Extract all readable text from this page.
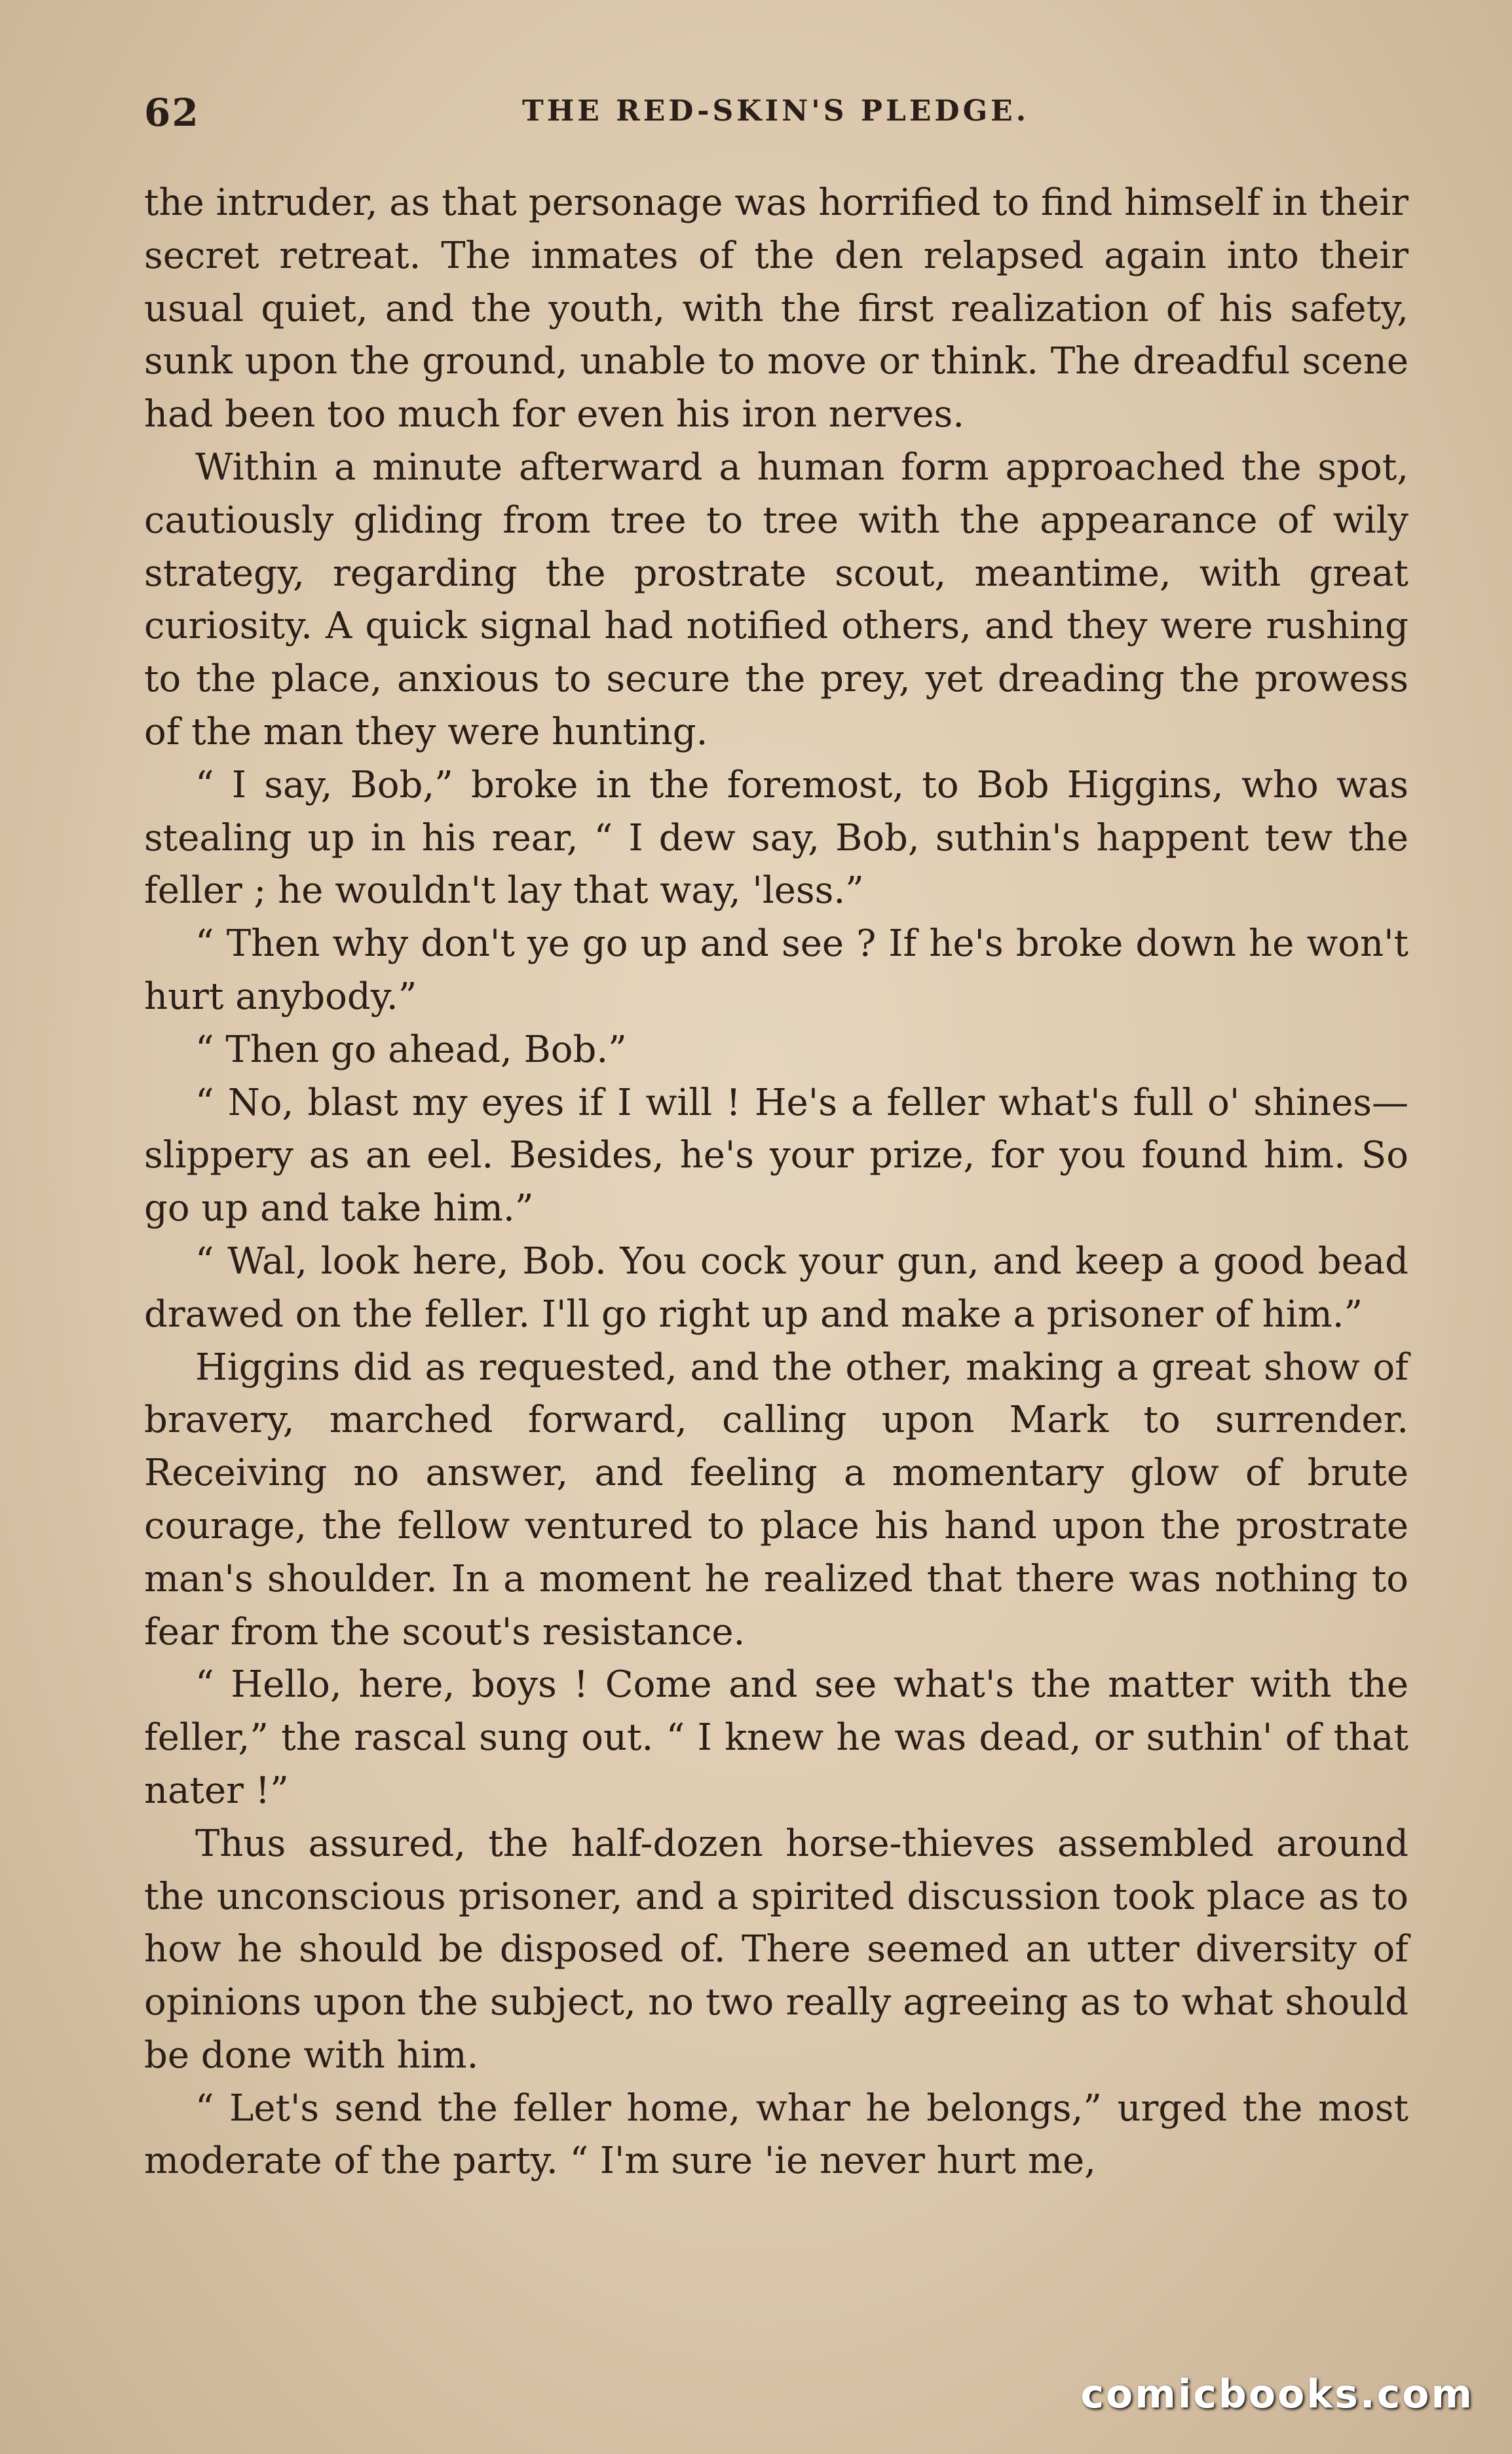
62	THE RED-SKIN'S PLEDGE.

the intruder, as that personage was horrified to find himself in their secret retreat. The inmates of the den relapsed again into their usual quiet, and the youth, with the first realization of his safety, sunk upon the ground, unable to move or think. The dreadful scene had been too much for even his iron nerves.

Within a minute afterward a human form approached the spot, cautiously gliding from tree to tree with the appearance of wily strategy, regarding the prostrate scout, meantime, with great curiosity. A quick signal had notified others, and they were rushing to the place, anxious to secure the prey, yet dreading the prowess of the man they were hunting.

“ I say, Bob,” broke in the foremost, to Bob Higgins, who was stealing up in his rear, “ I dew say, Bob, suthin's happent tew the feller ; he wouldn't lay that way, 'less.”

“ Then why don't ye go up and see ? If he's broke down he won't hurt anybody.”

“ Then go ahead, Bob.”

“ No, blast my eyes if I will ! He's a feller what's full o' shines—slippery as an eel. Besides, he's your prize, for you found him. So go up and take him.”

“ Wal, look here, Bob. You cock your gun, and keep a good bead drawed on the feller. I'll go right up and make a prisoner of him.”

Higgins did as requested, and the other, making a great show of bravery, marched forward, calling upon Mark to surrender. Receiving no answer, and feeling a momentary glow of brute courage, the fellow ventured to place his hand upon the prostrate man's shoulder. In a moment he realized that there was nothing to fear from the scout's resistance.

“ Hello, here, boys ! Come and see what's the matter with the feller,” the rascal sung out. “ I knew he was dead, or suthin' of that nater !”

Thus assured, the half-dozen horse-thieves assembled around the unconscious prisoner, and a spirited discussion took place as to how he should be disposed of. There seemed an utter diversity of opinions upon the subject, no two really agreeing as to what should be done with him.

“ Let's send the feller home, whar he belongs,” urged the most moderate of the party. “ I'm sure 'ie never hurt me,

comicbooks.com
